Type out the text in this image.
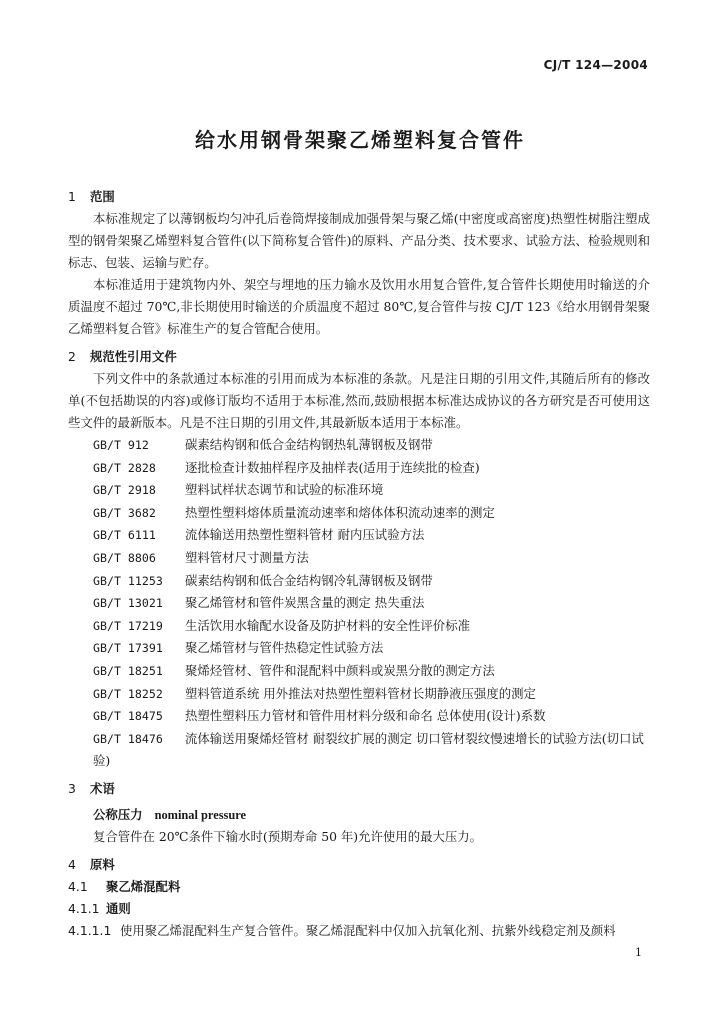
CJ/T 124—2004
给水用钢骨架聚乙烯塑料复合管件
1 范围

本标准规定了以薄钢板均匀冲孔后卷筒焊接制成加强骨架与聚乙烯(中密度或高密度)热塑性树脂注塑成型的钢骨架聚乙烯塑料复合管件(以下简称复合管件)的原料、产品分类、技术要求、试验方法、检验规则和标志、包装、运输与贮存。

本标准适用于建筑物内外、架空与埋地的压力输水及饮用水用复合管件,复合管件长期使用时输送的介质温度不超过 70℃,非长期使用时输送的介质温度不超过 80℃,复合管件与按 CJ/T 123《给水用钢骨架聚乙烯塑料复合管》标准生产的复合管配合使用。

2 规范性引用文件

下列文件中的条款通过本标准的引用而成为本标准的条款。凡是注日期的引用文件,其随后所有的修改单(不包括勘误的内容)或修订版均不适用于本标准,然而,鼓励根据本标准达成协议的各方研究是否可使用这些文件的最新版本。凡是不注日期的引用文件,其最新版本适用于本标准。

GB/T 912	碳素结构钢和低合金结构钢热轧薄钢板及钢带
GB/T 2828 逐批检查计数抽样程序及抽样表(适用于连续批的检查)
GB/T 2918 塑料试样状态调节和试验的标准环境
GB/T 3682 热塑性塑料熔体质量流动速率和熔体体积流动速率的测定
GB/T 6111 流体输送用热塑性塑料管材 耐内压试验方法
GB/T 8806 塑料管材尺寸测量方法
GB/T 11253 碳素结构钢和低合金结构钢冷轧薄钢板及钢带
GB/T 13021 聚乙烯管材和管件炭黑含量的测定 热失重法
GB/T 17219 生活饮用水输配水设备及防护材料的安全性评价标准
GB/T 17391 聚乙烯管材与管件热稳定性试验方法
GB/T 18251 聚烯烃管材、管件和混配料中颜料或炭黑分散的测定方法
GB/T 18252 塑料管道系统 用外推法对热塑性塑料管材长期静液压强度的测定
GB/T 18475 热塑性塑料压力管材和管件用材料分级和命名 总体使用(设计)系数
GB/T 18476 流体输送用聚烯烃管材 耐裂纹扩展的测定 切口管材裂纹慢速增长的试验方法(切口试验)
3 术语
公称压力 nominal pressure

复合管件在 20℃条件下输水时(预期寿命 50 年)允许使用的最大压力。

4 原料
4.1 聚乙烯混配料
4.1.1 通则
4.1.1.1 使用聚乙烯混配料生产复合管件。聚乙烯混配料中仅加入抗氧化剂、抗紫外线稳定剂及颜料
1
